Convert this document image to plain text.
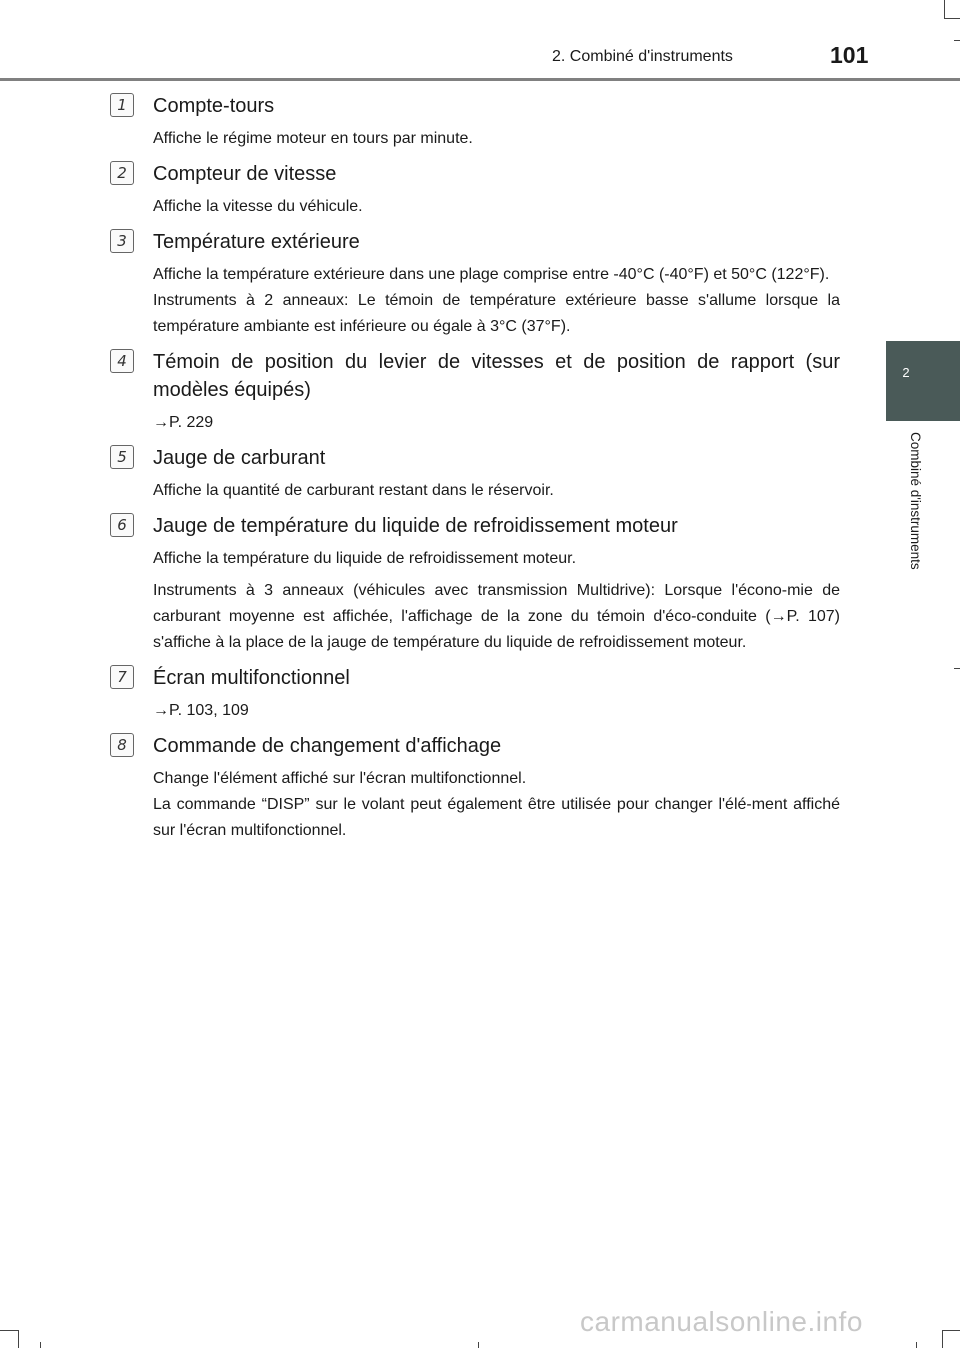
2. Combiné d'instruments	101
2
Combiné d'instruments
1	Compte-tours

Affiche le régime moteur en tours par minute.

2	Compteur de vitesse

Affiche la vitesse du véhicule.

3	Température extérieure

Affiche la température extérieure dans une plage comprise entre -40°C (-40°F) et 50°C (122°F).

Instruments à 2 anneaux: Le témoin de température extérieure basse s'allume lorsque la température ambiante est inférieure ou égale à 3°C (37°F).

4	Témoin de position du levier de vitesses et de position de rapport (sur modèles équipés)

→P. 229

5	Jauge de carburant

Affiche la quantité de carburant restant dans le réservoir.

6	Jauge de température du liquide de refroidissement moteur

Affiche la température du liquide de refroidissement moteur.

Instruments à 3 anneaux (véhicules avec transmission Multidrive): Lorsque l'écono-mie de carburant moyenne est affichée, l'affichage de la zone du témoin d'éco-conduite (→P. 107) s'affiche à la place de la jauge de température du liquide de refroidissement moteur.

7	Écran multifonctionnel

→P. 103, 109

8	Commande de changement d'affichage

Change l'élément affiché sur l'écran multifonctionnel.

La commande “DISP” sur le volant peut également être utilisée pour changer l'élé-ment affiché sur l'écran multifonctionnel.

carmanualsonline.info
